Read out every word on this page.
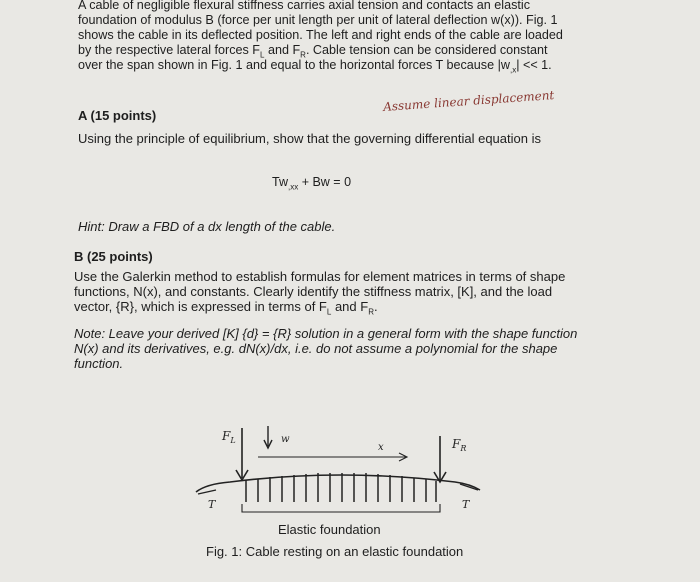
A cable of negligible flexural stiffness carries axial tension and contacts an elastic
foundation of modulus B (force per unit length per unit of lateral deflection w(x)). Fig. 1
shows the cable in its deflected position. The left and right ends of the cable are loaded
by the respective lateral forces $F_L$ and $F_R$. Cable tension can be considered constant
over the span shown in Fig. 1 and equal to the horizontal forces T because $|w_{,x}| << 1$.
Assume linear displacement
A (15 points)
Using the principle of equilibrium, show that the governing differential equation is
$Tw_{,xx} + Bw = 0$
Hint: Draw a FBD of a dx length of the cable.
B (25 points)
Use the Galerkin method to establish formulas for element matrices in terms of shape
functions, N(x), and constants. Clearly identify the stiffness matrix, [K], and the load
vector, {R}, which is expressed in terms of $F_L$ and $F_R$.
Note: Leave your derived [K] {d} = {R} solution in a general form with the shape function
N(x) and its derivatives, e.g. dN(x)/dx, i.e. do not assume a polynomial for the shape
function.
$F_L$	w
x	$F_R$
T	T
Elastic foundation
Fig. 1: Cable resting on an elastic foundation
